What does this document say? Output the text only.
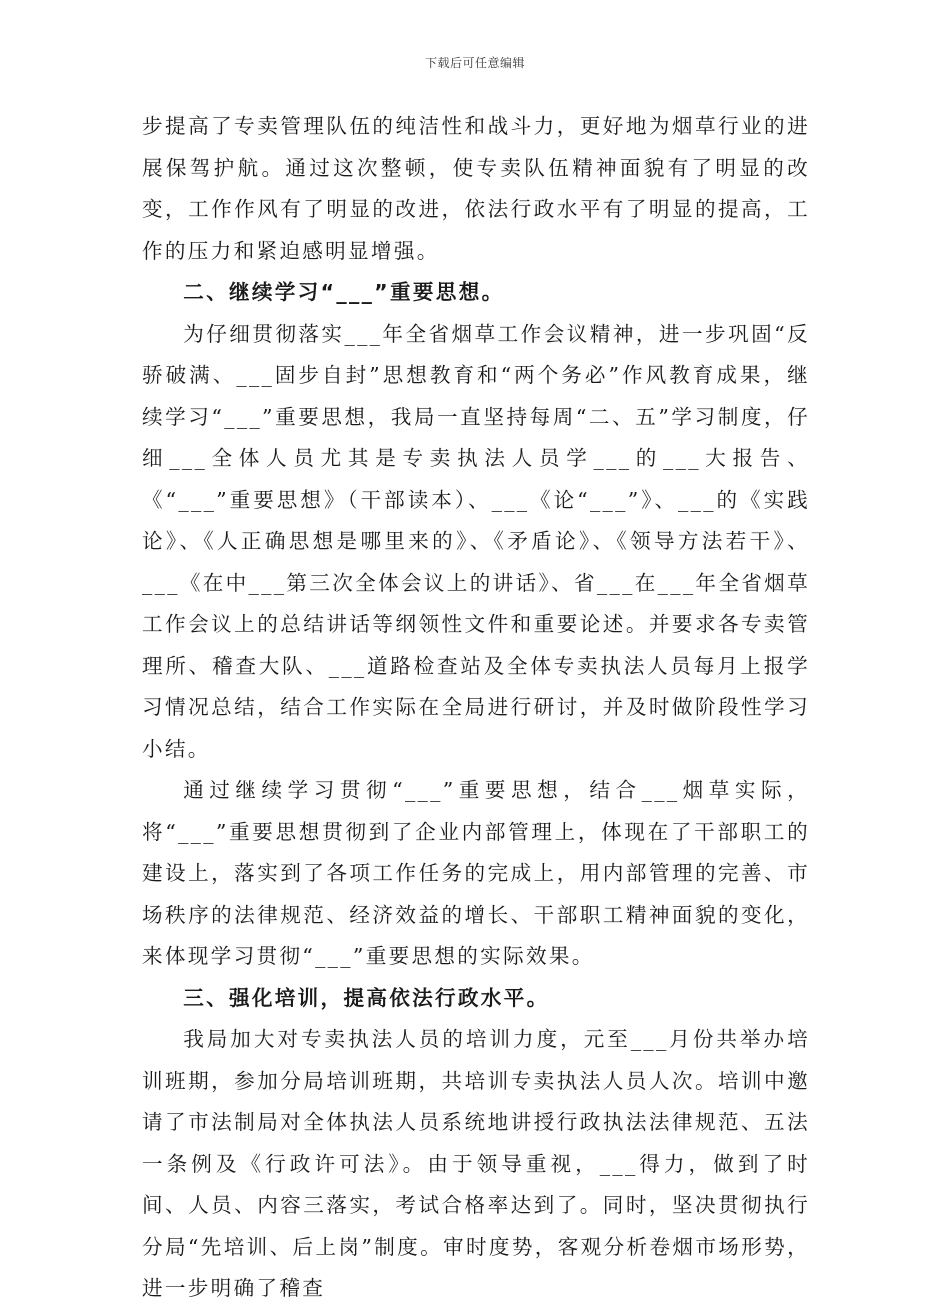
下载后可任意编辑

步提高了专卖管理队伍的纯洁性和战斗力，更好地为烟草行业的进展保驾护航。通过这次整顿，使专卖队伍精神面貌有了明显的改变，工作作风有了明显的改进，依法行政水平有了明显的提高，工作的压力和紧迫感明显增强。

二、继续学习“___”重要思想。

为仔细贯彻落实___年全省烟草工作会议精神，进一步巩固“反骄破满、___固步自封”思想教育和“两个务必”作风教育成果，继续学习“___”重要思想，我局一直坚持每周“二、五”学习制度，仔细___全体人员尤其是专卖执法人员学___的___大报告、《“___”重要思想》（干部读本）、___《论“___”》、___的《实践论》、《人正确思想是哪里来的》、《矛盾论》、《领导方法若干》、___《在中___第三次全体会议上的讲话》、省___在___年全省烟草工作会议上的总结讲话等纲领性文件和重要论述。并要求各专卖管理所、稽查大队、___道路检查站及全体专卖执法人员每月上报学习情况总结，结合工作实际在全局进行研讨，并及时做阶段性学习小结。

通过继续学习贯彻“___”重要思想，结合___烟草实际，将“___”重要思想贯彻到了企业内部管理上，体现在了干部职工的建设上，落实到了各项工作任务的完成上，用内部管理的完善、市场秩序的法律规范、经济效益的增长、干部职工精神面貌的变化，来体现学习贯彻“___”重要思想的实际效果。

三、强化培训，提高依法行政水平。

我局加大对专卖执法人员的培训力度，元至___月份共举办培训班期，参加分局培训班期，共培训专卖执法人员人次。培训中邀请了市法制局对全体执法人员系统地讲授行政执法法律规范、五法一条例及《行政许可法》。由于领导重视，___得力，做到了时间、人员、内容三落实，考试合格率达到了。同时，坚决贯彻执行分局“先培训、后上岗”制度。审时度势，客观分析卷烟市场形势，进一步明确了稽查
